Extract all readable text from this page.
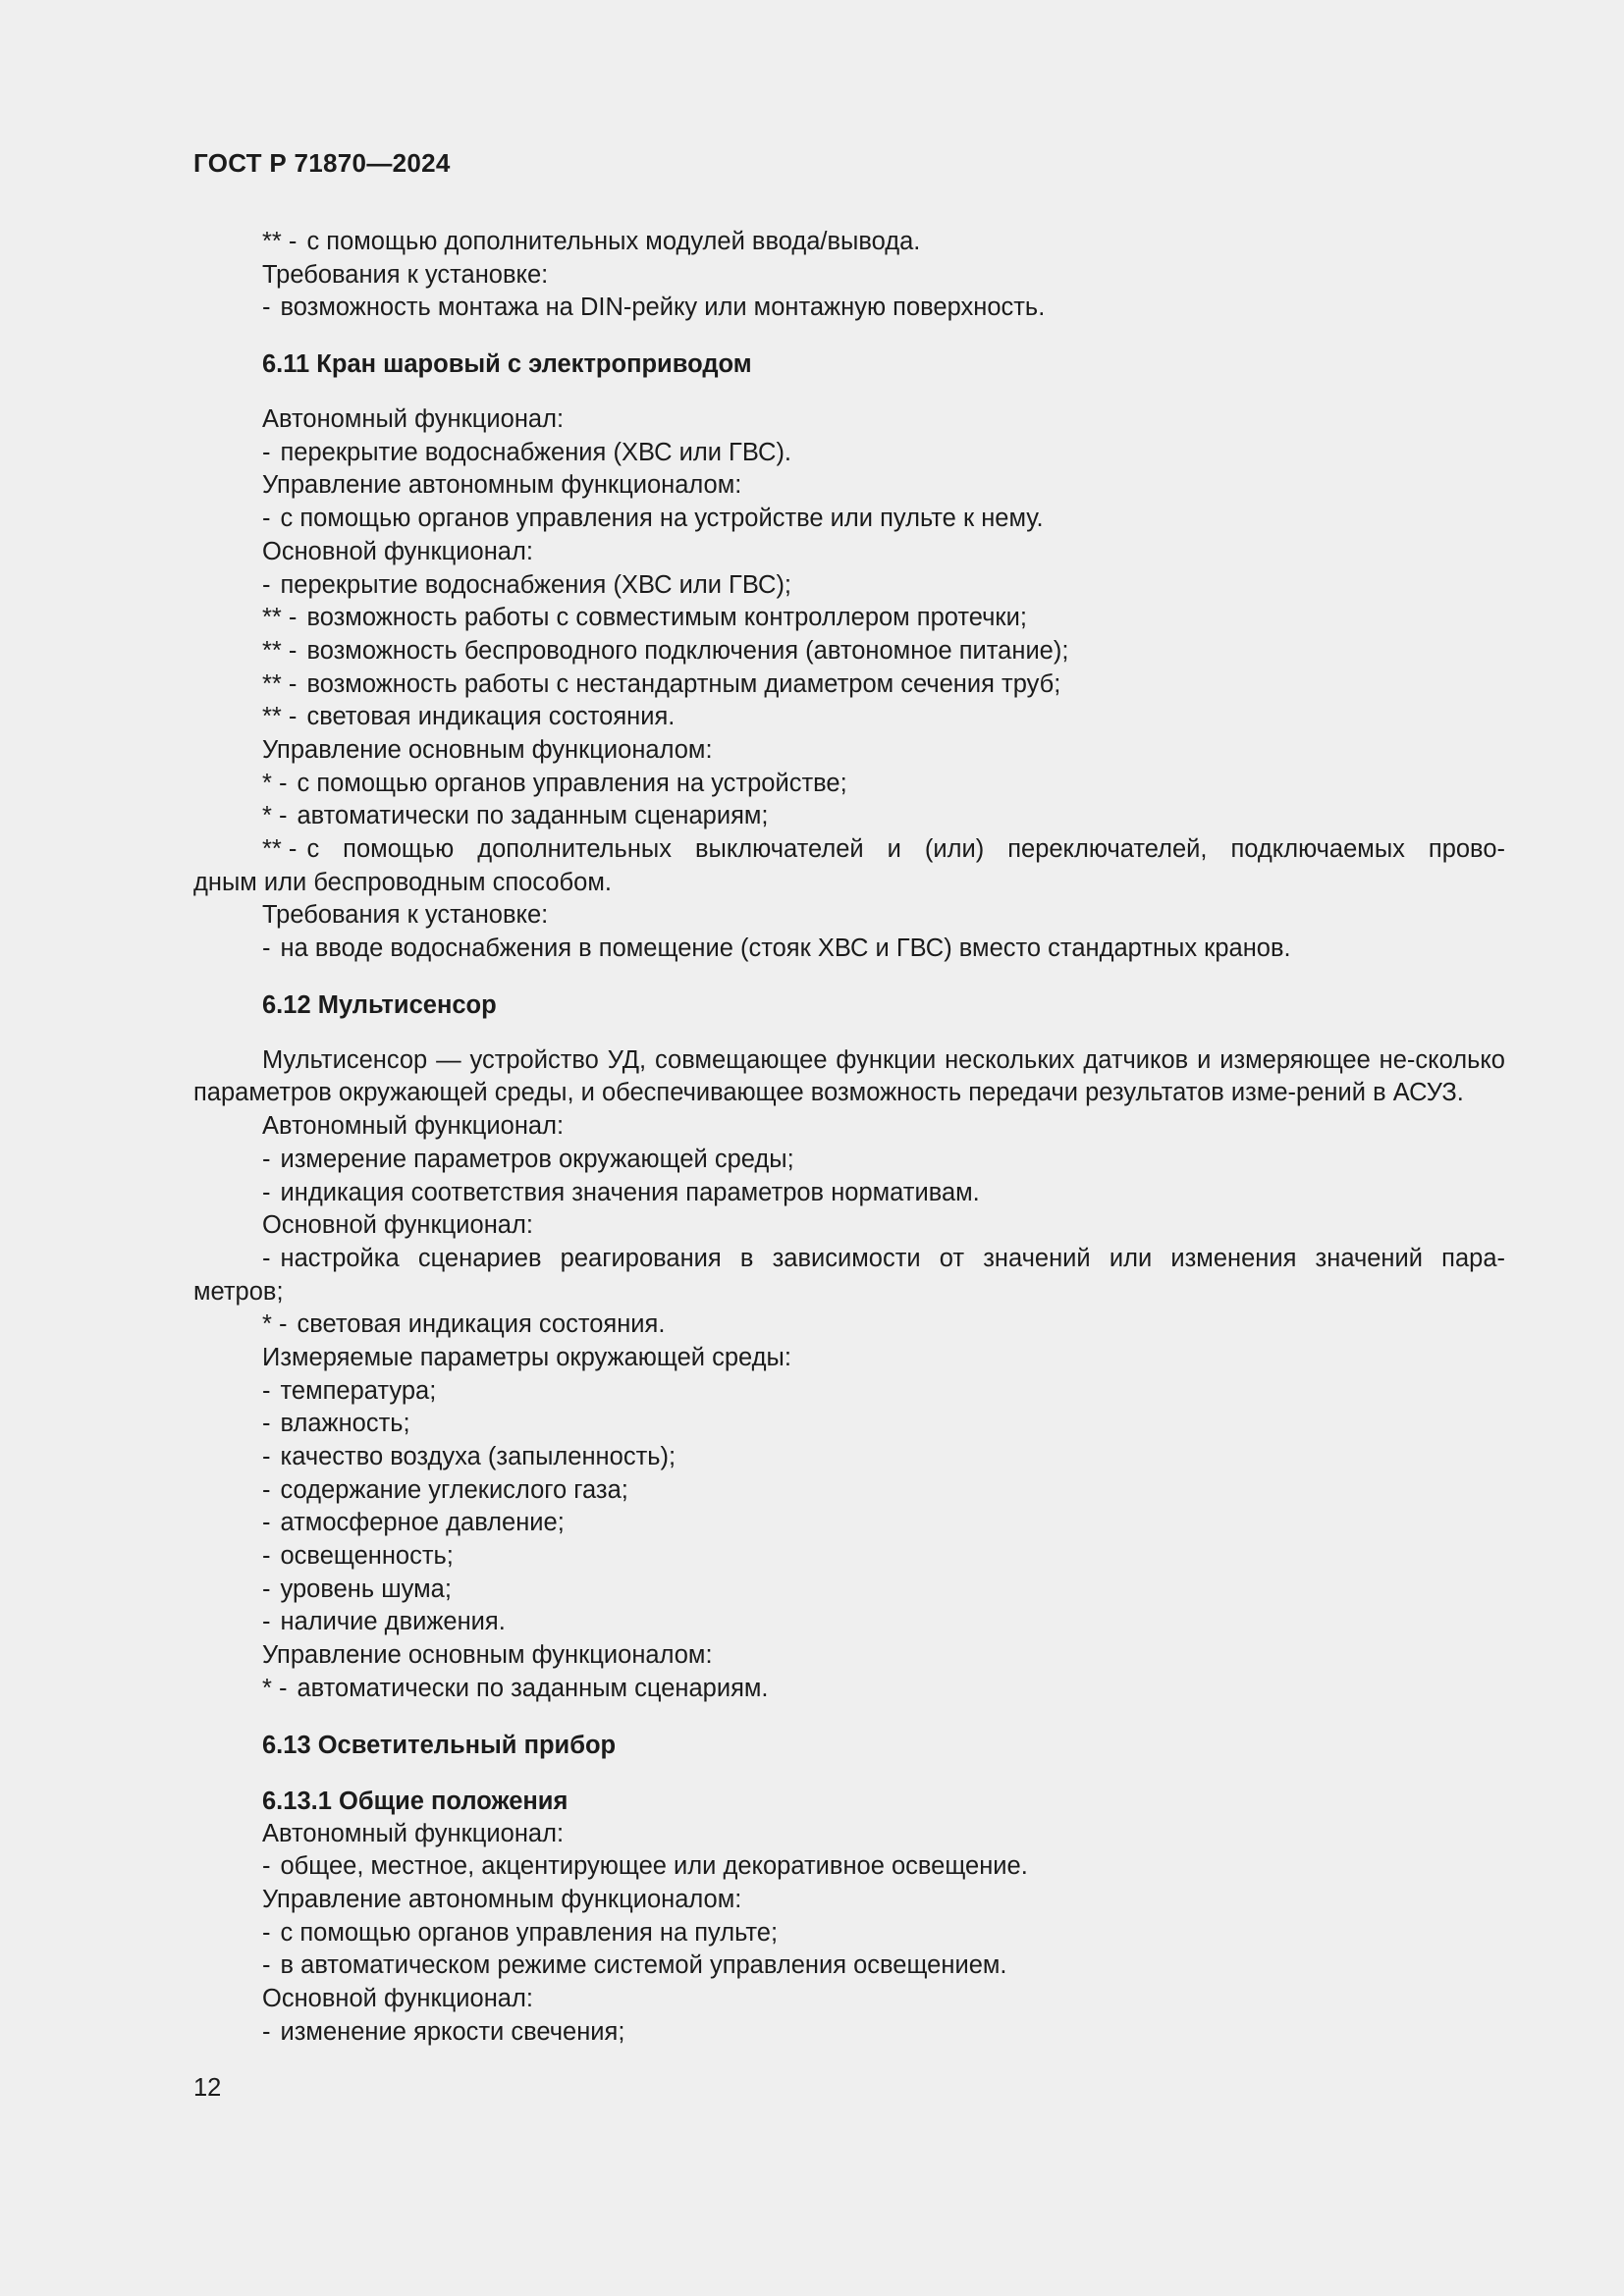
ГОСТ Р 71870—2024
** - с помощью дополнительных модулей ввода/вывода.
Требования к установке:
- возможность монтажа на DIN-рейку или монтажную поверхность.
6.11 Кран шаровый с электроприводом
Автономный функционал:
- перекрытие водоснабжения (ХВС или ГВС).
Управление автономным функционалом:
- с помощью органов управления на устройстве или пульте к нему.
Основной функционал:
- перекрытие водоснабжения (ХВС или ГВС);
** - возможность работы с совместимым контроллером протечки;
** - возможность беспроводного подключения (автономное питание);
** - возможность работы с нестандартным диаметром сечения труб;
** - световая индикация состояния.
Управление основным функционалом:
* - с помощью органов управления на устройстве;
* - автоматически по заданным сценариям;
** - с помощью дополнительных выключателей и (или) переключателей, подключаемых прово-
дным или беспроводным способом.
Требования к установке:
- на вводе водоснабжения в помещение (стояк ХВС и ГВС) вместо стандартных кранов.
6.12 Мультисенсор
Мультисенсор — устройство УД, совмещающее функции нескольких датчиков и измеряющее не-сколько параметров окружающей среды, и обеспечивающее возможность передачи результатов изме-рений в АСУЗ.
Автономный функционал:
- измерение параметров окружающей среды;
- индикация соответствия значения параметров нормативам.
Основной функционал:
- настройка сценариев реагирования в зависимости от значений или изменения значений пара-
метров;
* - световая индикация состояния.
Измеряемые параметры окружающей среды:
- температура;
- влажность;
- качество воздуха (запыленность);
- содержание углекислого газа;
- атмосферное давление;
- освещенность;
- уровень шума;
- наличие движения.
Управление основным функционалом:
* - автоматически по заданным сценариям.
6.13 Осветительный прибор
6.13.1 Общие положения
Автономный функционал:
- общее, местное, акцентирующее или декоративное освещение.
Управление автономным функционалом:
- с помощью органов управления на пульте;
- в автоматическом режиме системой управления освещением.
Основной функционал:
- изменение яркости свечения;
12
